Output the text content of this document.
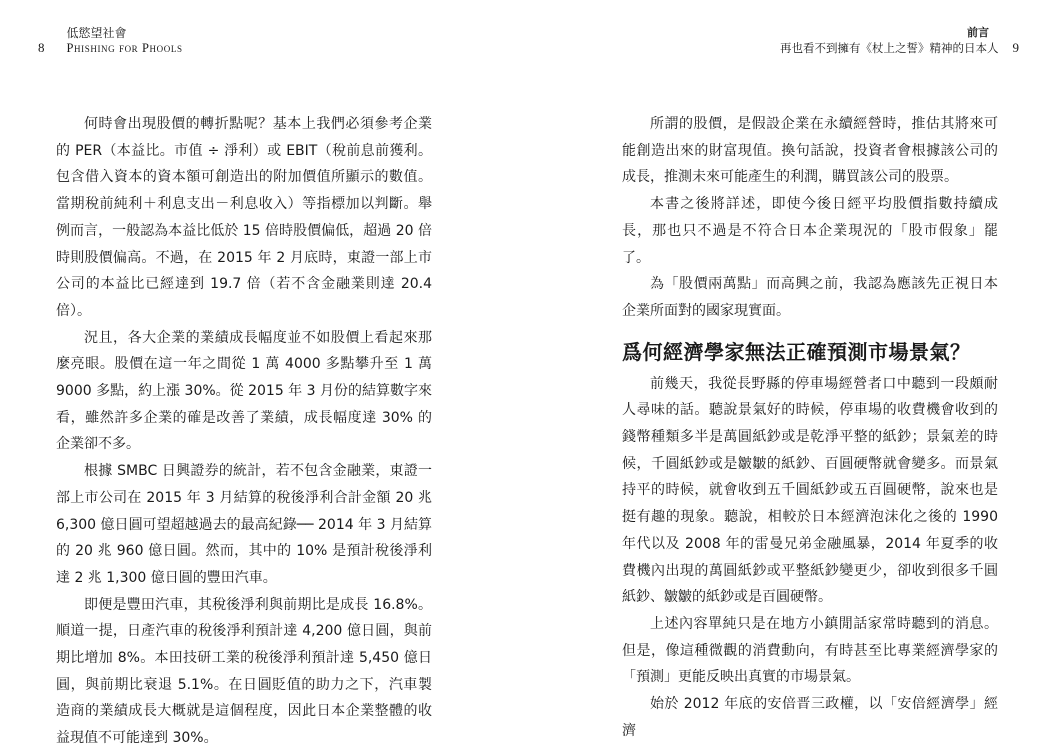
8
低慾望社會
Phishing for Phools
前言
再也看不到擁有《杖上之誓》精神的日本人 9

何時會出現股價的轉折點呢？基本上我們必須參考企業的 PER（本益比。市值 ÷ 淨利）或 EBIT（稅前息前獲利。包含借入資本的資本額可創造出的附加價值所顯示的數值。當期稅前純利＋利息支出－利息收入）等指標加以判斷。舉例而言，一般認為本益比低於 15 倍時股價偏低，超過 20 倍時則股價偏高。不過，在 2015 年 2 月底時，東證一部上市公司的本益比已經達到 19.7 倍（若不含金融業則達 20.4 倍）。

況且，各大企業的業績成長幅度並不如股價上看起來那麼亮眼。股價在這一年之間從 1 萬 4000 多點攀升至 1 萬 9000 多點，約上漲 30%。從 2015 年 3 月份的結算數字來看，雖然許多企業的確是改善了業績，成長幅度達 30% 的企業卻不多。

根據 SMBC 日興證券的統計，若不包含金融業，東證一部上市公司在 2015 年 3 月結算的稅後淨利合計金額 20 兆 6,300 億日圓可望超越過去的最高紀錄── 2014 年 3 月結算的 20 兆 960 億日圓。然而，其中的 10% 是預計稅後淨利達 2 兆 1,300 億日圓的豐田汽車。

即便是豐田汽車，其稅後淨利與前期比是成長 16.8%。順道一提，日產汽車的稅後淨利預計達 4,200 億日圓，與前期比增加 8%。本田技研工業的稅後淨利預計達 5,450 億日圓，與前期比衰退 5.1%。在日圓貶值的助力之下，汽車製造商的業績成長大概就是這個程度，因此日本企業整體的收益現值不可能達到 30%。

所謂的股價，是假設企業在永續經營時，推估其將來可能創造出來的財富現值。換句話說，投資者會根據該公司的成長，推測未來可能產生的利潤，購買該公司的股票。

本書之後將詳述，即使今後日經平均股價指數持續成長，那也只不過是不符合日本企業現況的「股市假象」罷了。

為「股價兩萬點」而高興之前，我認為應該先正視日本企業所面對的國家現實面。

爲何經濟學家無法正確預測市場景氣？

前幾天，我從長野縣的停車場經營者口中聽到一段頗耐人尋味的話。聽說景氣好的時候，停車場的收費機會收到的錢幣種類多半是萬圓紙鈔或是乾淨平整的紙鈔；景氣差的時候，千圓紙鈔或是皺皺的紙鈔、百圓硬幣就會變多。而景氣持平的時候，就會收到五千圓紙鈔或五百圓硬幣，說來也是挺有趣的現象。聽說，相較於日本經濟泡沫化之後的 1990 年代以及 2008 年的雷曼兄弟金融風暴，2014 年夏季的收費機內出現的萬圓紙鈔或平整紙鈔變更少，卻收到很多千圓紙鈔、皺皺的紙鈔或是百圓硬幣。

上述內容單純只是在地方小鎮閒話家常時聽到的消息。但是，像這種微觀的消費動向，有時甚至比專業經濟學家的「預測」更能反映出真實的市場景氣。

始於 2012 年底的安倍晋三政權，以「安倍經濟學」經濟
